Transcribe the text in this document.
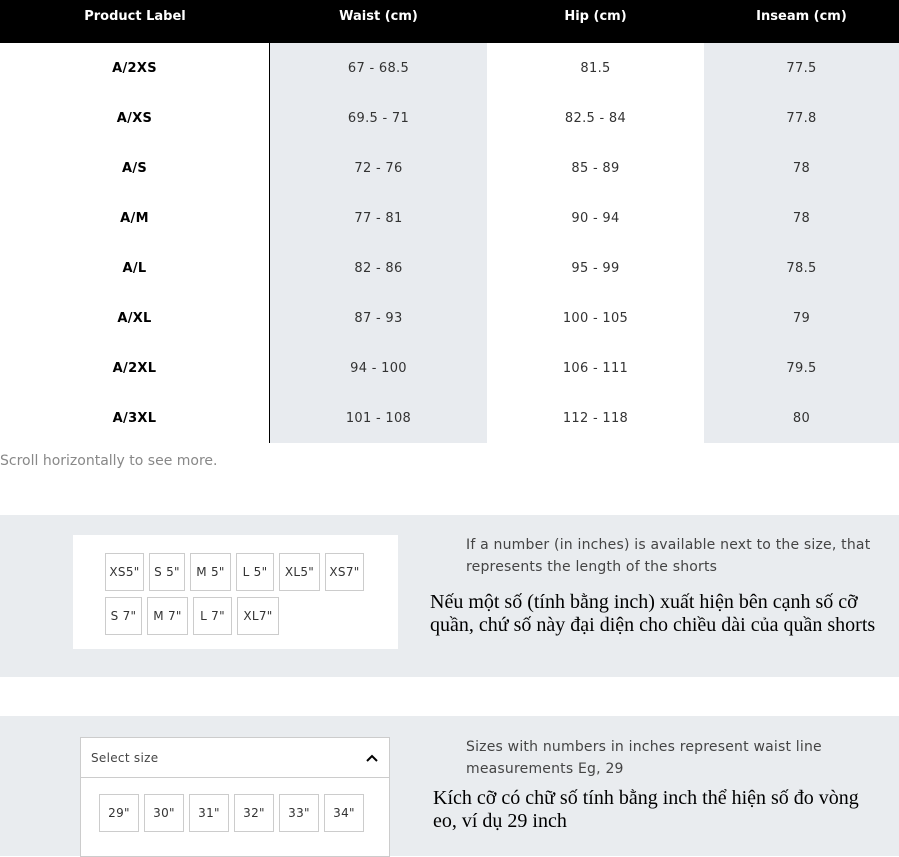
Product Label	Waist (cm)	Hip (cm)	Inseam (cm)
A/2XS	67 - 68.5	81.5	77.5
A/XS	69.5 - 71	82.5 - 84	77.8
A/S	72 - 76	85 - 89	78
A/M	77 - 81	90 - 94	78
A/L	82 - 86	95 - 99	78.5
A/XL	87 - 93	100 - 105	79
A/2XL	94 - 100	106 - 111	79.5
A/3XL	101 - 108	112 - 118	80
Scroll horizontally to see more.
XS5"	S 5"	M 5"	L 5"	XL5"	XS7"
S 7"	M 7"	L 7"	XL7"
If a number (in inches) is available next to the size, that represents the length of the shorts
Nếu một số (tính bằng inch) xuất hiện bên cạnh số cỡ quần, chứ số này đại diện cho chiều dài của quần shorts
Select size
29"	30"	31"	32"	33"	34"
Sizes with numbers in inches represent waist line measurements Eg, 29
Kích cỡ có chữ số tính bằng inch thể hiện số đo vòng eo, ví dụ 29 inch
